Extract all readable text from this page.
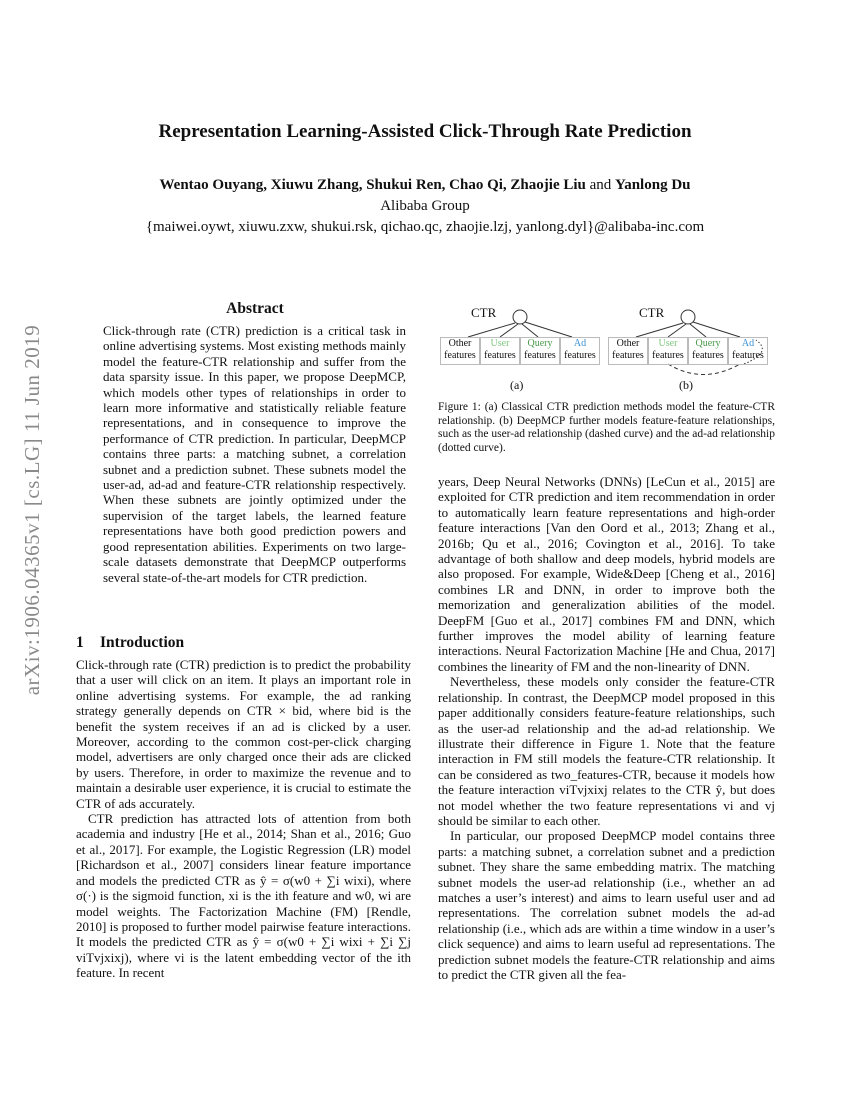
arXiv:1906.04365v1 [cs.LG] 11 Jun 2019
Representation Learning-Assisted Click-Through Rate Prediction
Wentao Ouyang, Xiuwu Zhang, Shukui Ren, Chao Qi, Zhaojie Liu and Yanlong Du
Alibaba Group
{maiwei.oywt, xiuwu.zxw, shukui.rsk, qichao.qc, zhaojie.lzj, yanlong.dyl}@alibaba-inc.com
Abstract
Click-through rate (CTR) prediction is a critical task in online advertising systems. Most existing methods mainly model the feature-CTR relationship and suffer from the data sparsity issue. In this paper, we propose DeepMCP, which models other types of relationships in order to learn more informative and statistically reliable feature representations, and in consequence to improve the performance of CTR prediction. In particular, DeepMCP contains three parts: a matching subnet, a correlation subnet and a prediction subnet. These subnets model the user-ad, ad-ad and feature-CTR relationship respectively. When these subnets are jointly optimized under the supervision of the target labels, the learned feature representations have both good prediction powers and good representation abilities. Experiments on two large-scale datasets demonstrate that DeepMCP outperforms several state-of-the-art models for CTR prediction.
1 Introduction

Click-through rate (CTR) prediction is to predict the probability that a user will click on an item. It plays an important role in online advertising systems. For example, the ad ranking strategy generally depends on CTR × bid, where bid is the benefit the system receives if an ad is clicked by a user. Moreover, according to the common cost-per-click charging model, advertisers are only charged once their ads are clicked by users. Therefore, in order to maximize the revenue and to maintain a desirable user experience, it is crucial to estimate the CTR of ads accurately.

CTR prediction has attracted lots of attention from both academia and industry [He et al., 2014; Shan et al., 2016; Guo et al., 2017]. For example, the Logistic Regression (LR) model [Richardson et al., 2007] considers linear feature importance and models the predicted CTR as ŷ = σ(w0 + ∑i wixi), where σ(·) is the sigmoid function, xi is the ith feature and w0, wi are model weights. The Factorization Machine (FM) [Rendle, 2010] is proposed to further model pairwise feature interactions. It models the predicted CTR as ŷ = σ(w0 + ∑i wixi + ∑i ∑j viTvjxixj), where vi is the latent embedding vector of the ith feature. In recent

CTR	CTR
Other
features
User
features
Query
features
Ad
features
Other
features
User
features
Query
features
Ad
features
(a)	(b)
Figure 1: (a) Classical CTR prediction methods model the feature-CTR relationship. (b) DeepMCP further models feature-feature relationships, such as the user-ad relationship (dashed curve) and the ad-ad relationship (dotted curve).

years, Deep Neural Networks (DNNs) [LeCun et al., 2015] are exploited for CTR prediction and item recommendation in order to automatically learn feature representations and high-order feature interactions [Van den Oord et al., 2013; Zhang et al., 2016b; Qu et al., 2016; Covington et al., 2016]. To take advantage of both shallow and deep models, hybrid models are also proposed. For example, Wide&Deep [Cheng et al., 2016] combines LR and DNN, in order to improve both the memorization and generalization abilities of the model. DeepFM [Guo et al., 2017] combines FM and DNN, which further improves the model ability of learning feature interactions. Neural Factorization Machine [He and Chua, 2017] combines the linearity of FM and the non-linearity of DNN.

Nevertheless, these models only consider the feature-CTR relationship. In contrast, the DeepMCP model proposed in this paper additionally considers feature-feature relationships, such as the user-ad relationship and the ad-ad relationship. We illustrate their difference in Figure 1. Note that the feature interaction in FM still models the feature-CTR relationship. It can be considered as two_features-CTR, because it models how the feature interaction viTvjxixj relates to the CTR ŷ, but does not model whether the two feature representations vi and vj should be similar to each other.

In particular, our proposed DeepMCP model contains three parts: a matching subnet, a correlation subnet and a prediction subnet. They share the same embedding matrix. The matching subnet models the user-ad relationship (i.e., whether an ad matches a user’s interest) and aims to learn useful user and ad representations. The correlation subnet models the ad-ad relationship (i.e., which ads are within a time window in a user’s click sequence) and aims to learn useful ad representations. The prediction subnet models the feature-CTR relationship and aims to predict the CTR given all the fea-
